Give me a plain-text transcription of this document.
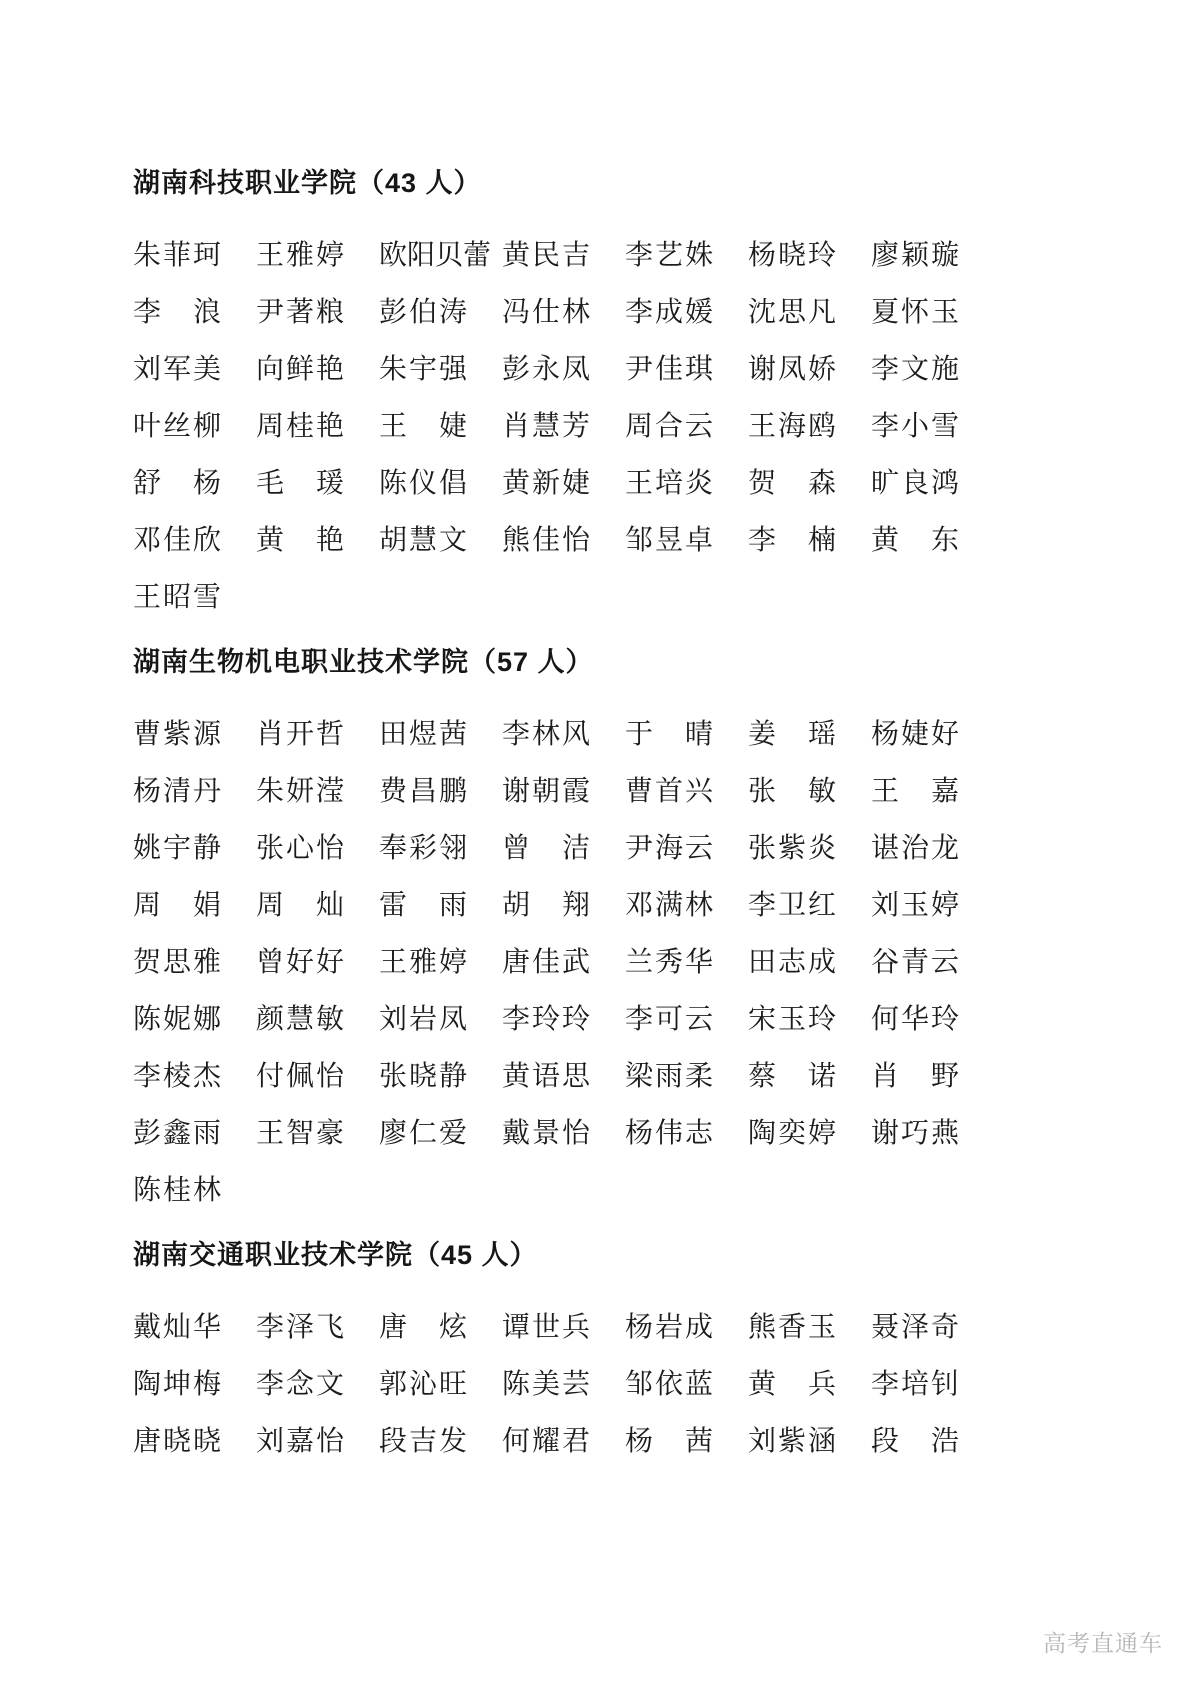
湖南科技职业学院（43 人）
朱菲珂	王雅婷	欧阳贝蕾 黄民吉	李艺姝	杨晓玲	廖颖璇
李浪	尹著粮	彭伯涛	冯仕林	李成媛	沈思凡	夏怀玉
刘军美	向鲜艳	朱宇强	彭永凤	尹佳琪	谢凤娇	李文施
叶丝柳	周桂艳	王婕	肖慧芳	周合云	王海鸥	李小雪
舒杨	毛瑗	陈仪倡	黄新婕	王培炎	贺森	旷良鸿
邓佳欣	黄艳	胡慧文	熊佳怡	邹昱卓	李楠	黄东
王昭雪
湖南生物机电职业技术学院（57 人）
曹紫源	肖开哲	田煜茜	李林风	于晴	姜瑶	杨婕好
杨清丹	朱妍滢	费昌鹏	谢朝霞	曹首兴	张敏	王嘉
姚宇静	张心怡	奉彩翎	曾洁	尹海云	张紫炎	谌治龙
周娟	周灿	雷雨	胡翔	邓满林	李卫红	刘玉婷
贺思雅	曾好好	王雅婷	唐佳武	兰秀华	田志成	谷青云
陈妮娜	颜慧敏	刘岩凤	李玲玲	李可云	宋玉玲	何华玲
李棱杰	付佩怡	张晓静	黄语思	梁雨柔	蔡诺	肖野
彭鑫雨	王智豪	廖仁爱	戴景怡	杨伟志	陶奕婷	谢巧燕
陈桂林
湖南交通职业技术学院（45 人）
戴灿华	李泽飞	唐炫	谭世兵	杨岩成	熊香玉	聂泽奇
陶坤梅	李念文	郭沁旺	陈美芸	邹依蓝	黄兵	李培钊
唐晓晓	刘嘉怡	段吉发	何耀君	杨茜	刘紫涵	段浩
高考直通车
